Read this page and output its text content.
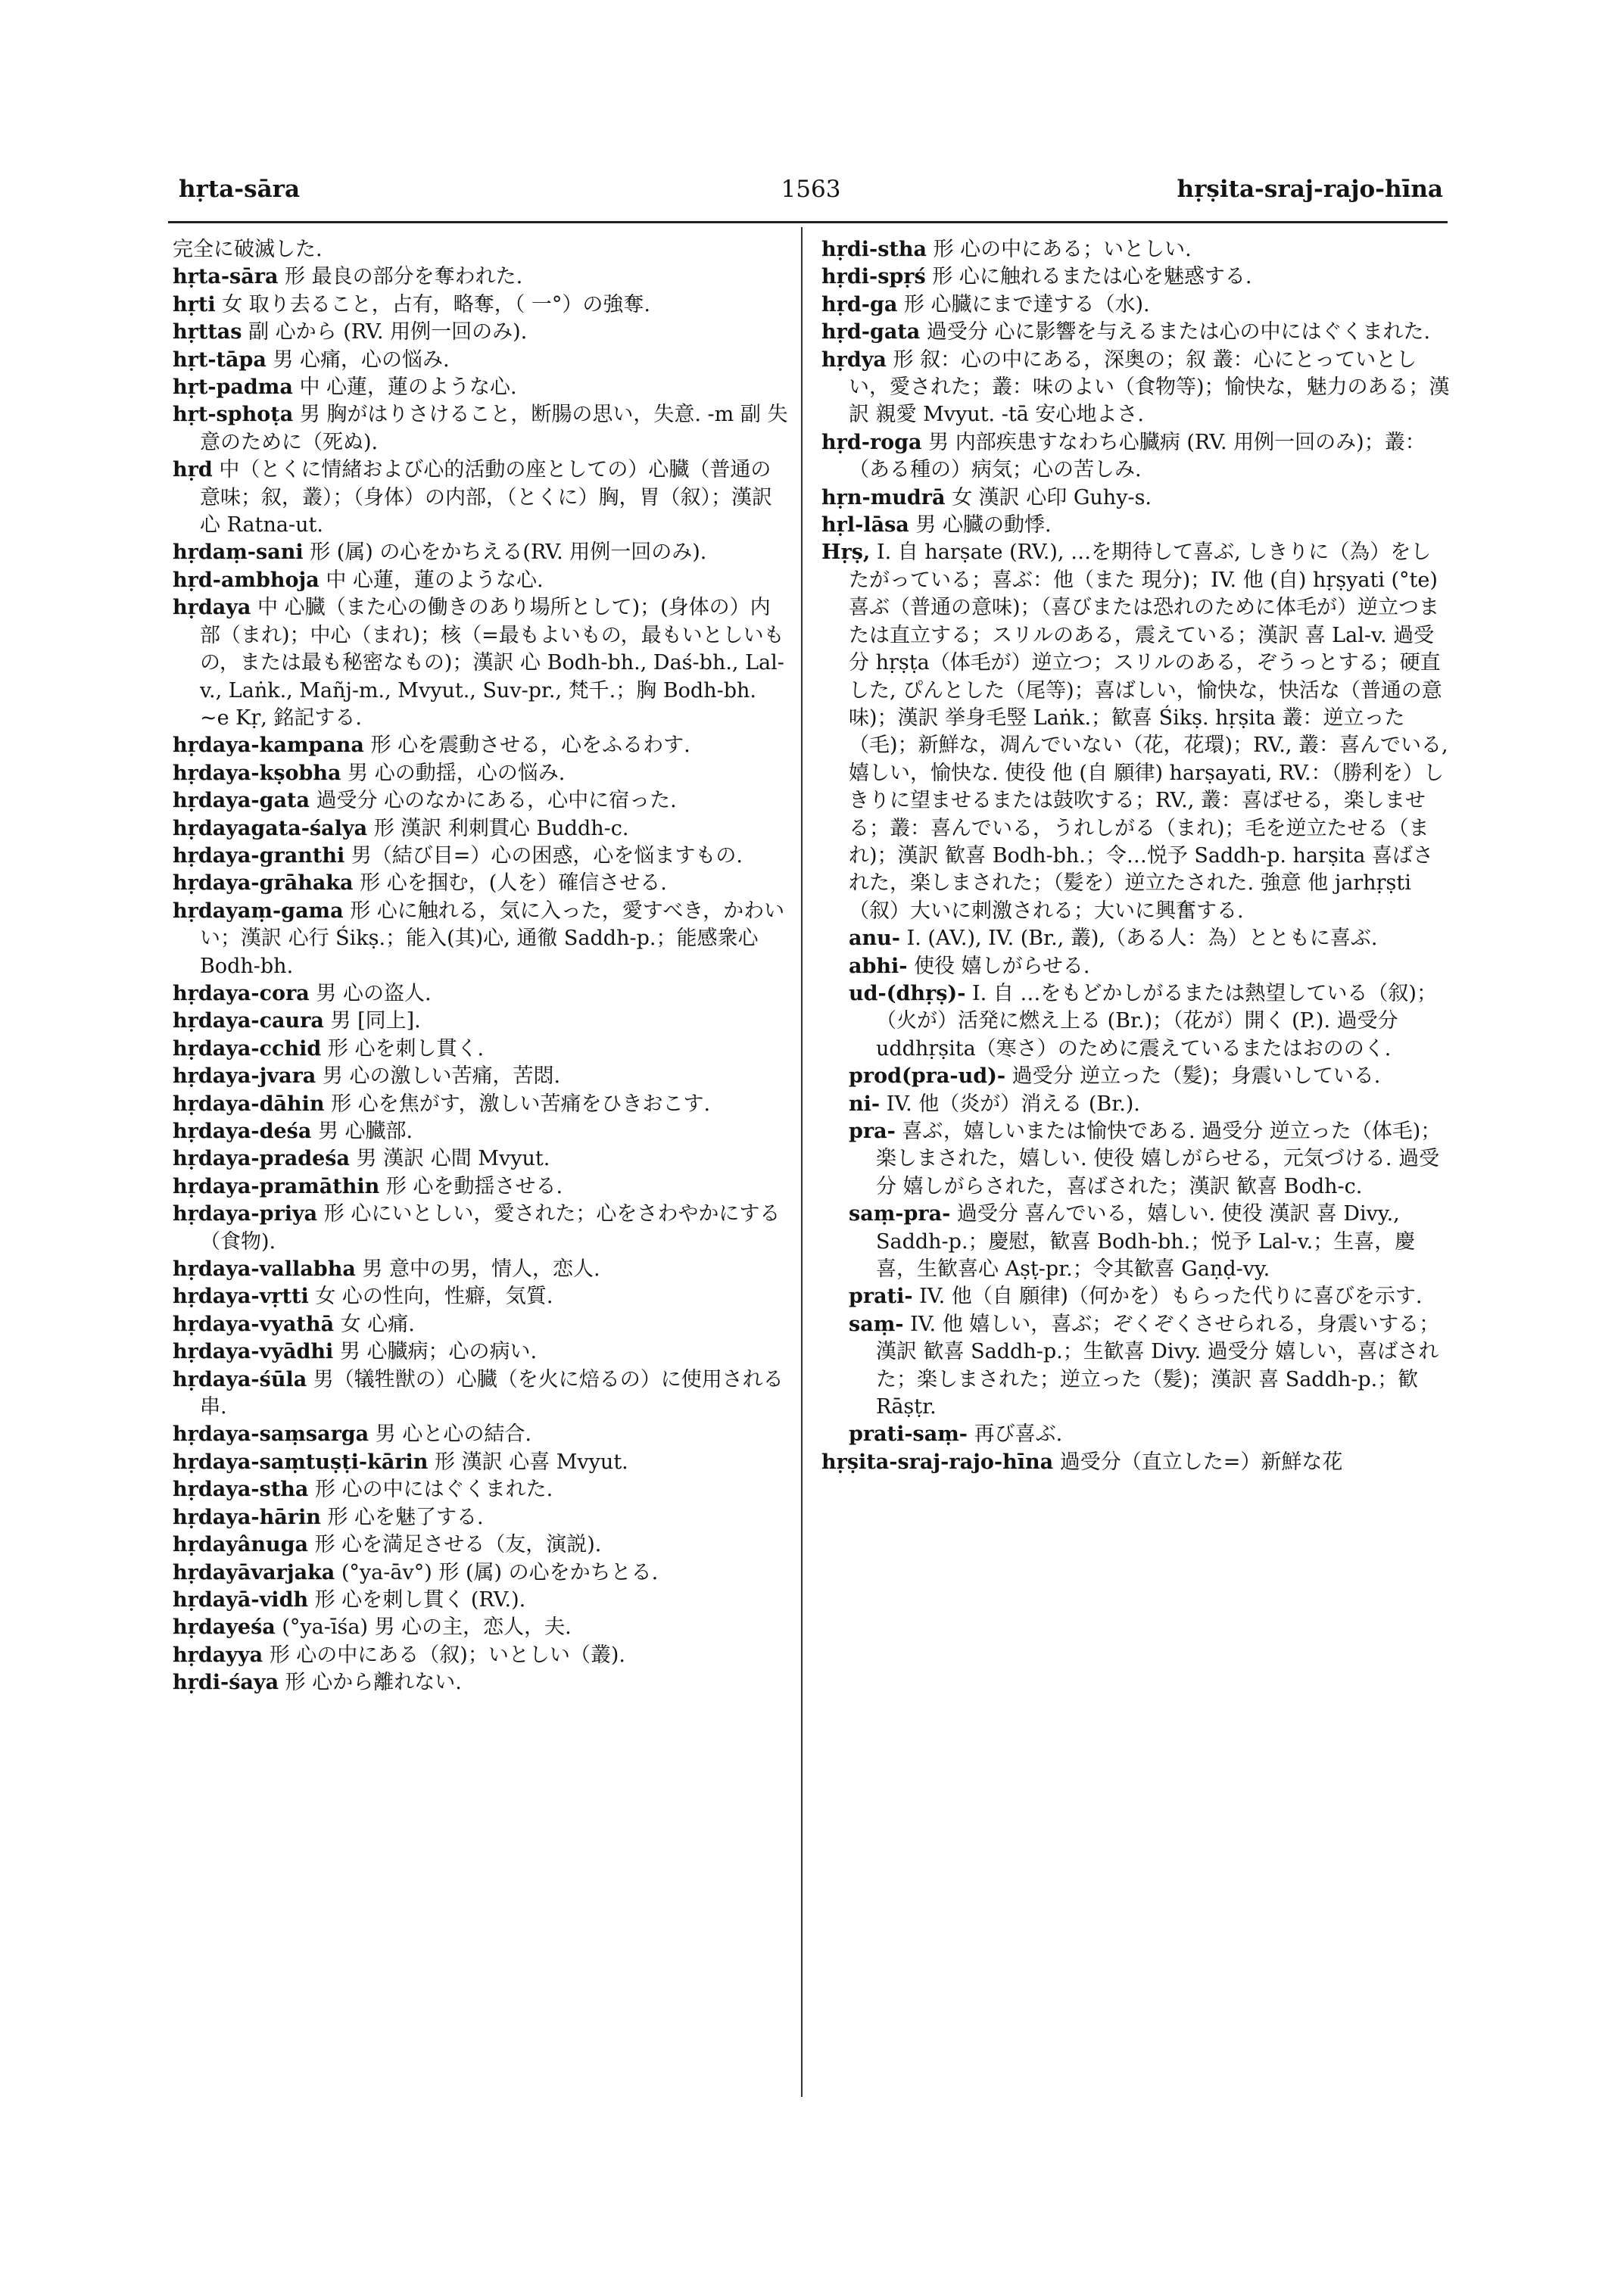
hṛta-sāra	1563	hṛṣita-sraj-rajo-hīna

完全に破滅した.

hṛta-sāra 形 最良の部分を奪われた.

hṛti 女 取り去ること，占有，略奪，（ 一°）の強奪.

hṛttas 副 心から (RV. 用例一回のみ).

hṛt-tāpa 男 心痛，心の悩み.

hṛt-padma 中 心蓮，蓮のような心.

hṛt-sphoṭa 男 胸がはりさけること，断腸の思い，失意. -m 副 失意のために（死ぬ).

hṛd 中（とくに情緒および心的活動の座としての）心臓（普通の意味；叙，叢）；（身体）の内部，（とくに）胸，胃（叙）；漢訳 心 Ratna-ut.

hṛdaṃ-sani 形 (属) の心をかちえる(RV. 用例一回のみ).

hṛd-ambhoja 中 心蓮，蓮のような心.

hṛdaya 中 心臓（また心の働きのあり場所として)；(身体の）内部（まれ)；中心（まれ)；核（=最もよいもの，最もいとしいもの，または最も秘密なもの)；漢訳 心 Bodh-bh., Daś-bh., Lal-v., Laṅk., Mañj-m., Mvyut., Suv-pr., 梵千.；胸 Bodh-bh. ~e Kṛ, 銘記する.

hṛdaya-kampana 形 心を震動させる，心をふるわす.

hṛdaya-kṣobha 男 心の動揺，心の悩み.

hṛdaya-gata 過受分 心のなかにある，心中に宿った.

hṛdayagata-śalya 形 漢訳 利刺貫心 Buddh-c.

hṛdaya-granthi 男（結び目=）心の困惑，心を悩ますもの.

hṛdaya-grāhaka 形 心を掴む，(人を）確信させる.

hṛdayaṃ-gama 形 心に触れる，気に入った，愛すべき，かわいい；漢訳 心行 Śikṣ.；能入(其)心, 通徹 Saddh-p.；能感衆心 Bodh-bh.

hṛdaya-cora 男 心の盗人.

hṛdaya-caura 男 [同上].

hṛdaya-cchid 形 心を刺し貫く.

hṛdaya-jvara 男 心の激しい苦痛，苦悶.

hṛdaya-dāhin 形 心を焦がす，激しい苦痛をひきおこす.

hṛdaya-deśa 男 心臓部.

hṛdaya-pradeśa 男 漢訳 心間 Mvyut.

hṛdaya-pramāthin 形 心を動揺させる.

hṛdaya-priya 形 心にいとしい，愛された；心をさわやかにする（食物).

hṛdaya-vallabha 男 意中の男，情人，恋人.

hṛdaya-vṛtti 女 心の性向，性癖，気質.

hṛdaya-vyathā 女 心痛.

hṛdaya-vyādhi 男 心臓病；心の病い.

hṛdaya-śūla 男（犠牲獣の）心臓（を火に焙るの）に使用される串.

hṛdaya-saṃsarga 男 心と心の結合.

hṛdaya-saṃtuṣṭi-kārin 形 漢訳 心喜 Mvyut.

hṛdaya-stha 形 心の中にはぐくまれた.

hṛdaya-hārin 形 心を魅了する.

hṛdayânuga 形 心を満足させる（友，演説).

hṛdayāvarjaka (°ya-āv°) 形 (属) の心をかちとる.

hṛdayā-vidh 形 心を刺し貫く (RV.).

hṛdayeśa (°ya-īśa) 男 心の主，恋人，夫.

hṛdayya 形 心の中にある（叙)；いとしい（叢).

hṛdi-śaya 形 心から離れない.

hṛdi-stha 形 心の中にある；いとしい.

hṛdi-spṛś 形 心に触れるまたは心を魅惑する.

hṛd-ga 形 心臓にまで達する（水).

hṛd-gata 過受分 心に影響を与えるまたは心の中にはぐくまれた.

hṛdya 形 叙：心の中にある，深奥の；叙 叢：心にとっていとしい，愛された；叢：味のよい（食物等)；愉快な，魅力のある；漢訳 親愛 Mvyut. -tā 安心地よさ.

hṛd-roga 男 内部疾患すなわち心臓病 (RV. 用例一回のみ)；叢：（ある種の）病気；心の苦しみ.

hṛn-mudrā 女 漢訳 心印 Guhy-s.

hṛl-lāsa 男 心臓の動悸.

Hṛṣ, I. 自 harṣate (RV.), …を期待して喜ぶ, しきりに（為）をしたがっている；喜ぶ：他（また 現分)；IV. 他 (自) hṛṣyati (°te) 喜ぶ（普通の意味)；（喜びまたは恐れのために体毛が）逆立つまたは直立する；スリルのある，震えている；漢訳 喜 Lal-v. 過受分 hṛṣṭa（体毛が）逆立つ；スリルのある，ぞうっとする；硬直した, ぴんとした（尾等)；喜ばしい，愉快な，快活な（普通の意味)；漢訳 挙身毛竪 Laṅk.；歓喜 Śikṣ. hṛṣita 叢：逆立った（毛)；新鮮な，凋んでいない（花，花環)；RV., 叢：喜んでいる, 嬉しい，愉快な. 使役 他 (自 願律) harṣayati, RV.：（勝利を）しきりに望ませるまたは鼓吹する；RV., 叢：喜ばせる，楽しませる；叢：喜んでいる，うれしがる（まれ)；毛を逆立たせる（まれ)；漢訳 歓喜 Bodh-bh.；令…悦予 Saddh-p. harṣita 喜ばされた，楽しまされた；（髪を）逆立たされた. 強意 他 jarhṛṣti（叙）大いに刺激される；大いに興奮する.

anu- I. (AV.), IV. (Br., 叢),（ある人：為）とともに喜ぶ.

abhi- 使役 嬉しがらせる.

ud-(dhṛṣ)- I. 自 …をもどかしがるまたは熱望している（叙)；（火が）活発に燃え上る (Br.)；（花が）開く (P.). 過受分 uddhṛṣita（寒さ）のために震えているまたはおののく.

prod(pra-ud)- 過受分 逆立った（髪)；身震いしている.

ni- IV. 他（炎が）消える (Br.).

pra- 喜ぶ，嬉しいまたは愉快である. 過受分 逆立った（体毛)；楽しまされた，嬉しい. 使役 嬉しがらせる，元気づける. 過受分 嬉しがらされた，喜ばされた；漢訳 歓喜 Bodh-c.

saṃ-pra- 過受分 喜んでいる，嬉しい. 使役 漢訳 喜 Divy., Saddh-p.；慶慰，歓喜 Bodh-bh.；悦予 Lal-v.；生喜，慶喜，生歓喜心 Aṣṭ-pr.；令其歓喜 Gaṇḍ-vy.

prati- IV. 他（自 願律)（何かを）もらった代りに喜びを示す.

saṃ- IV. 他 嬉しい，喜ぶ；ぞくぞくさせられる，身震いする；漢訳 歓喜 Saddh-p.；生歓喜 Divy. 過受分 嬉しい，喜ばされた；楽しまされた；逆立った（髪)；漢訳 喜 Saddh-p.；歓 Rāṣṭr.

prati-saṃ- 再び喜ぶ.

hṛṣita-sraj-rajo-hīna 過受分（直立した=）新鮮な花
